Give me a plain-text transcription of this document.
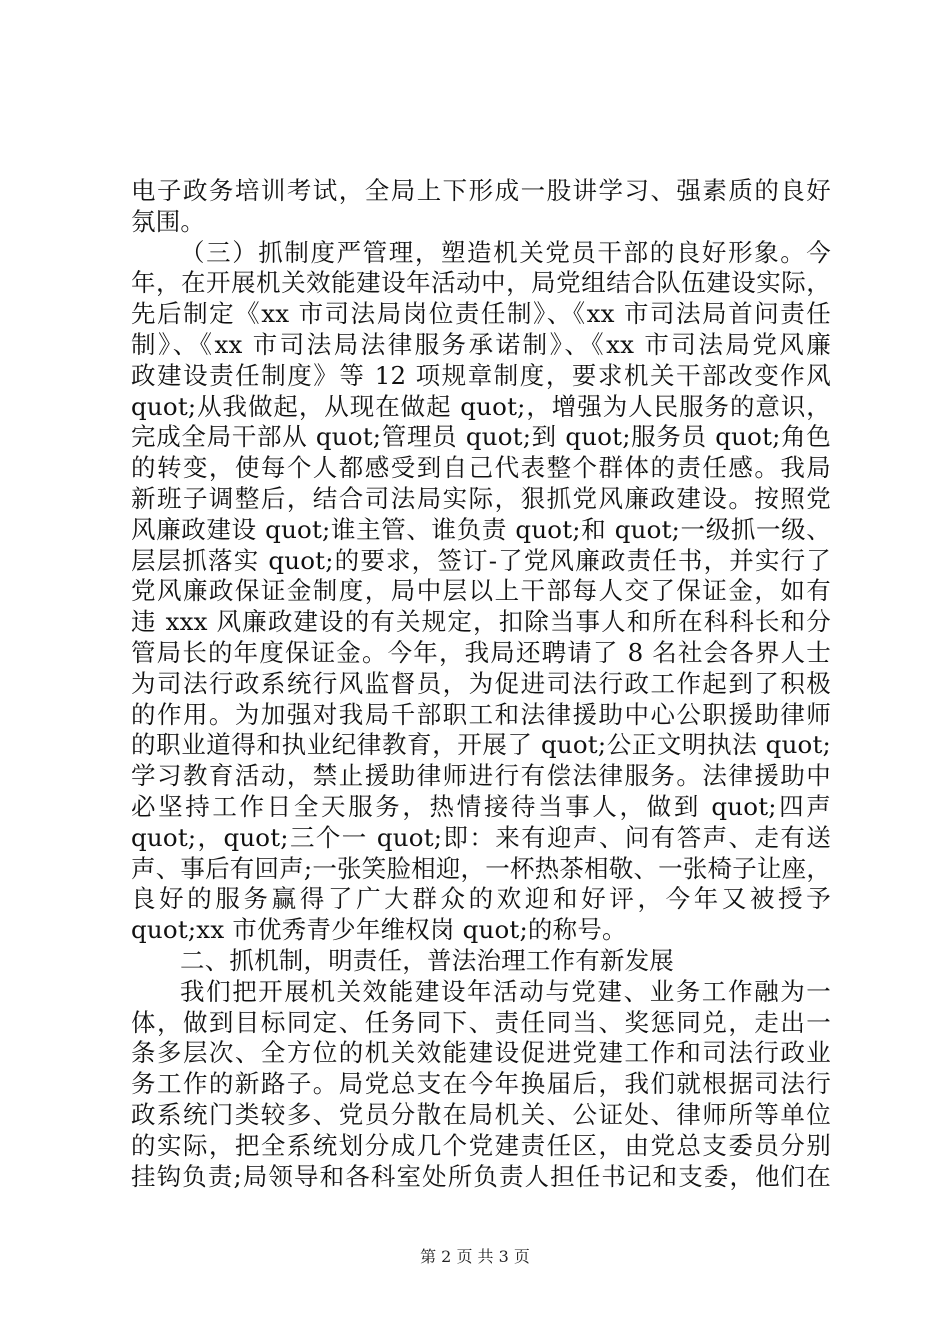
电子政务培训考试，全局上下形成一股讲学习、强素质的良好
氛围。
（三）抓制度严管理，塑造机关党员干部的良好形象。今
年，在开展机关效能建设年活动中，局党组结合队伍建设实际，
先后制定《xx 市司法局岗位责任制》、《xx 市司法局首问责任
制》、《xx 市司法局法律服务承诺制》、《xx 市司法局党风廉
政建设责任制度》等 12 项规章制度，要求机关干部改变作风
quot;从我做起，从现在做起 quot;，增强为人民服务的意识，
完成全局干部从 quot;管理员 quot;到 quot;服务员 quot;角色
的转变，使每个人都感受到自己代表整个群体的责任感。我局
新班子调整后，结合司法局实际，狠抓党风廉政建设。按照党
风廉政建设 quot;谁主管、谁负责 quot;和 quot;一级抓一级、
层层抓落实 quot;的要求，签订-了党风廉政责任书，并实行了
党风廉政保证金制度，局中层以上干部每人交了保证金，如有
违 xxx 风廉政建设的有关规定，扣除当事人和所在科科长和分
管局长的年度保证金。今年，我局还聘请了 8 名社会各界人士
为司法行政系统行风监督员，为促进司法行政工作起到了积极
的作用。为加强对我局千部职工和法律援助中心公职援助律师
的职业道得和执业纪律教育，开展了 quot;公正文明执法 quot;
学习教育活动，禁止援助律师进行有偿法律服务。法律援助中
必坚持工作日全天服务，热情接待当事人，做到 quot;四声
quot;，quot;三个一 quot;即：来有迎声、问有答声、走有送
声、事后有回声;一张笑脸相迎，一杯热茶相敬、一张椅子让座，
良好的服务赢得了广大群众的欢迎和好评，今年又被授予
quot;xx 市优秀青少年维权岗 quot;的称号。
二、抓机制，明责任，普法治理工作有新发展
我们把开展机关效能建设年活动与党建、业务工作融为一
体，做到目标同定、任务同下、责任同当、奖惩同兑，走出一
条多层次、全方位的机关效能建设促进党建工作和司法行政业
务工作的新路子。局党总支在今年换届后，我们就根据司法行
政系统门类较多、党员分散在局机关、公证处、律师所等单位
的实际，把全系统划分成几个党建责任区，由党总支委员分别
挂钩负责;局领导和各科室处所负责人担任书记和支委，他们在
第 2 页 共 3 页
